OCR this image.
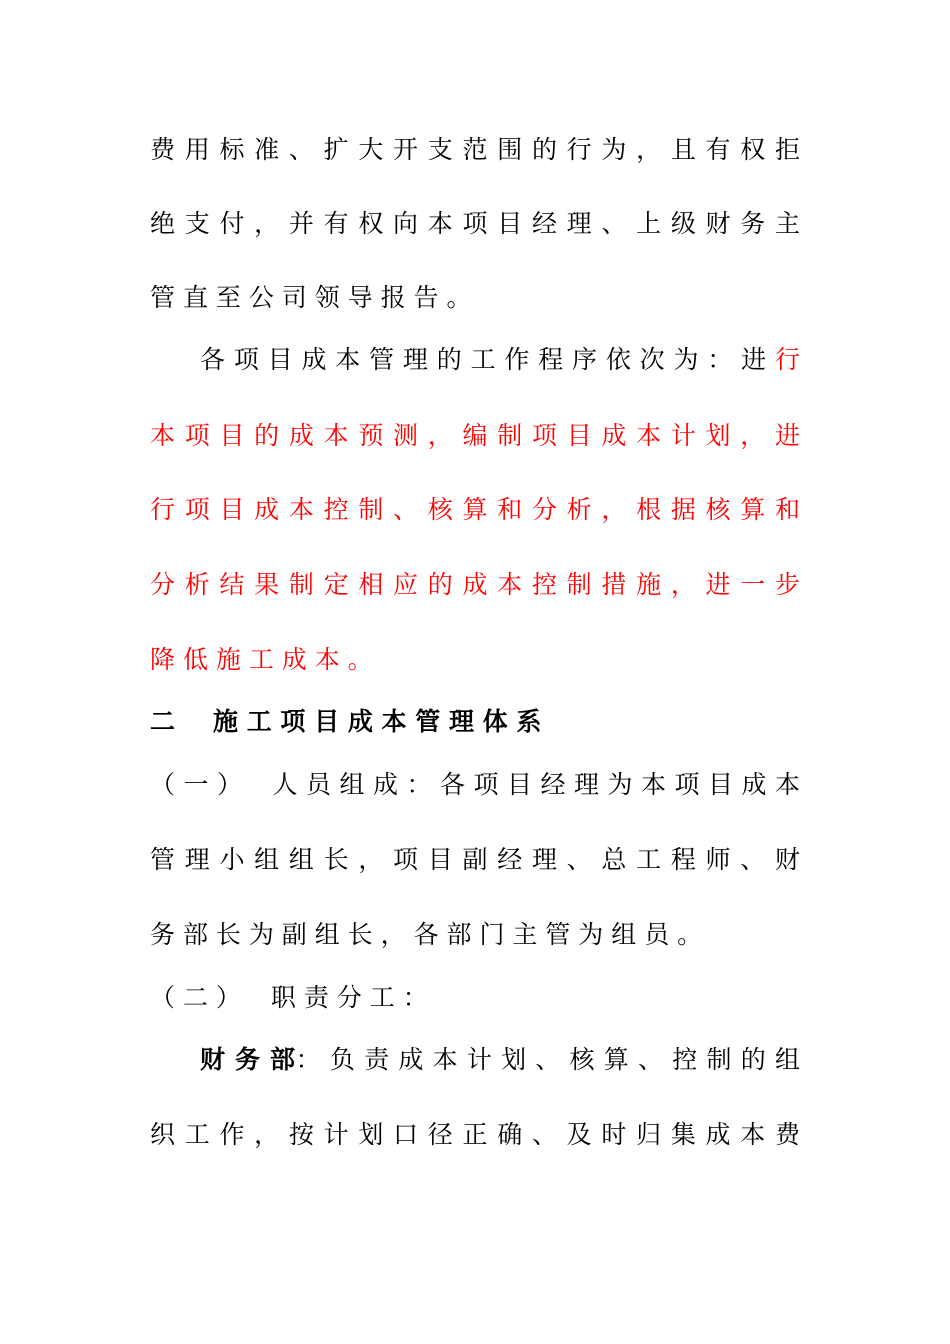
费 用 标 准 、 扩 大 开 支 范 围 的 行 为 ， 且 有 权 拒
绝 支 付 ， 并 有 权 向 本 项 目 经 理 、 上 级 财 务 主
管 直 至 公 司 领 导 报 告 。
各 项 目 成 本 管 理 的 工 作 程 序 依 次 为 ： 进 行
本 项 目 的 成 本 预 测 ， 编 制 项 目 成 本 计 划 ， 进
行 项 目 成 本 控 制 、 核 算 和 分 析 ， 根 据 核 算 和
分 析 结 果 制 定 相 应 的 成 本 控 制 措 施 ， 进 一 步
降 低 施 工 成 本 。
二 施 工 项 目 成 本 管 理 体 系
（ 一 ） 人 员 组 成 ： 各 项 目 经 理 为 本 项 目 成 本
管 理 小 组 组 长 ， 项 目 副 经 理 、 总 工 程 师 、 财
务 部 长 为 副 组 长 ， 各 部 门 主 管 为 组 员 。
（ 二 ） 职 责 分 工 ：
财 务 部： 负 责 成 本 计 划 、 核 算 、 控 制 的 组
织 工 作 ， 按 计 划 口 径 正 确 、 及 时 归 集 成 本 费
